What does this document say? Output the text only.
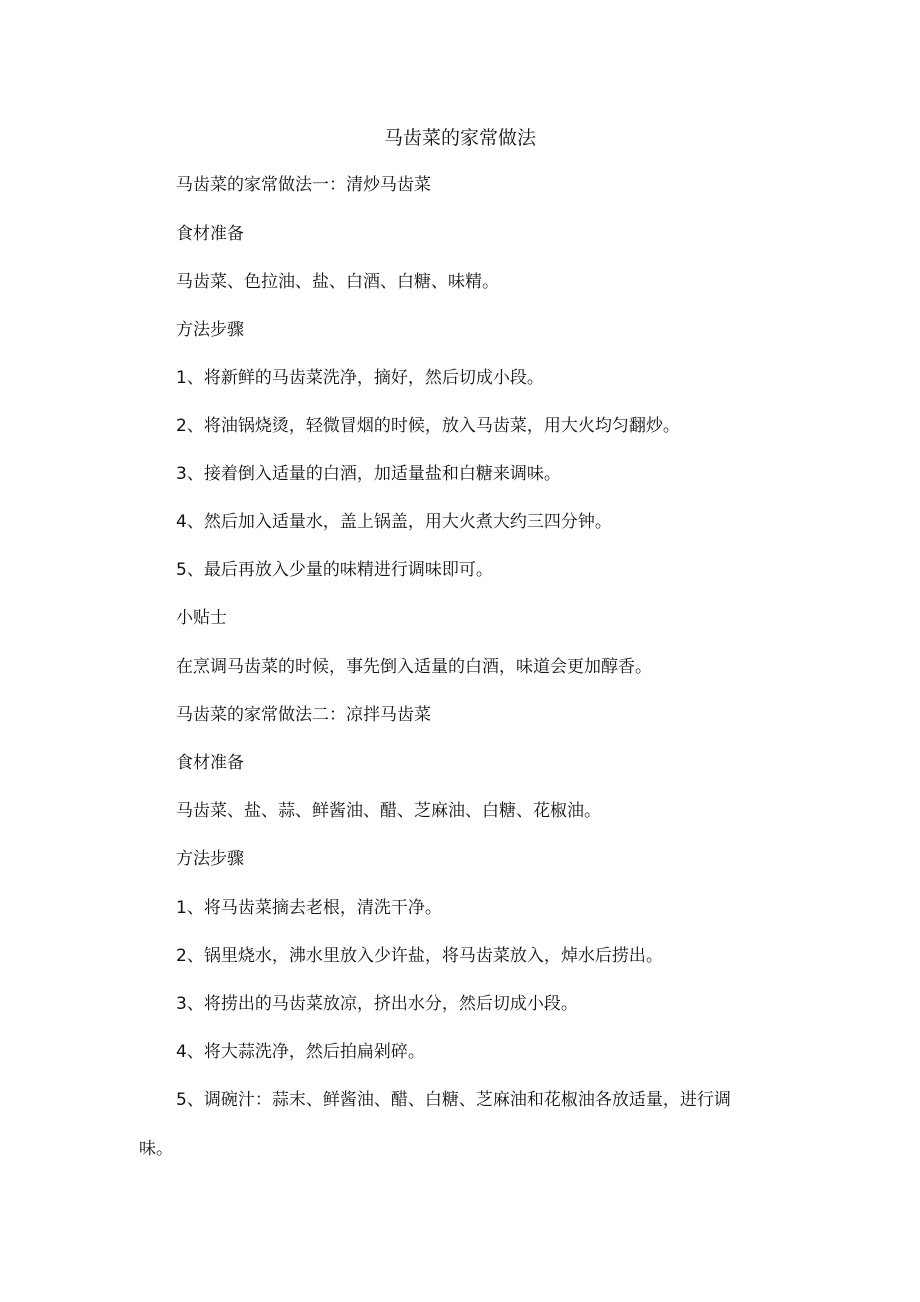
马齿菜的家常做法

马齿菜的家常做法一：清炒马齿菜

食材准备

马齿菜、色拉油、盐、白酒、白糖、味精。

方法步骤

1、将新鲜的马齿菜洗净，摘好，然后切成小段。

2、将油锅烧烫，轻微冒烟的时候，放入马齿菜，用大火均匀翻炒。

3、接着倒入适量的白酒，加适量盐和白糖来调味。

4、然后加入适量水，盖上锅盖，用大火煮大约三四分钟。

5、最后再放入少量的味精进行调味即可。

小贴士

在烹调马齿菜的时候，事先倒入适量的白酒，味道会更加醇香。

马齿菜的家常做法二：凉拌马齿菜

食材准备

马齿菜、盐、蒜、鲜酱油、醋、芝麻油、白糖、花椒油。

方法步骤

1、将马齿菜摘去老根，清洗干净。

2、锅里烧水，沸水里放入少许盐，将马齿菜放入，焯水后捞出。

3、将捞出的马齿菜放凉，挤出水分，然后切成小段。

4、将大蒜洗净，然后拍扁剁碎。

5、调碗汁：蒜末、鲜酱油、醋、白糖、芝麻油和花椒油各放适量，进行调

味。
